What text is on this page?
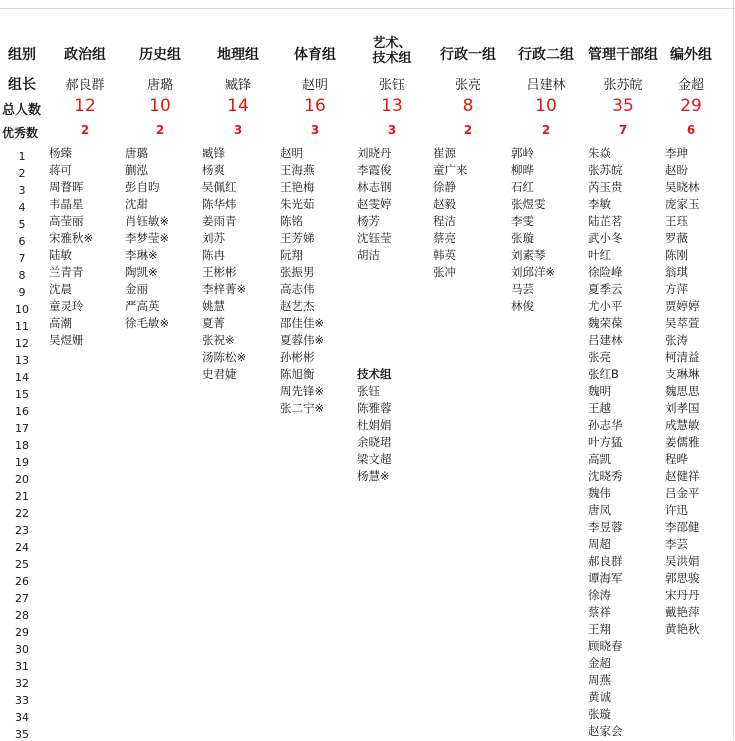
组别
组长
总人数
优秀数
1
2
3
4
5
6
7
8
9
10
11
12
13
14
15
16
17
18
19
20
21
22
23
24
25
26
27
28
29
30
31
32
33
34
35
政治组
郝良群
12
2
杨臻
蒋可
周瞀晖
韦晶星
高莹丽
宋雅秋※
陆敏
兰青青
沈晨
童灵玲
高潮
吴煜姗
历史组
唐璐
10
2
唐璐
蒯泓
彭自昀
沈甜
肖钰敏※
李梦莹※
李琳※
陶凯※
金丽
严高英
徐毛敏※
地理组
臧锋
14
3
臧锋
杨爽
吴佩红
陈华炜
姜雨青
刘苏
陈冉
王彬彬
李梓菁※
姚慧
夏菁
张祝※
汤陈松※
史君婕
体育组
赵明
16
3
赵明
王海燕
王艳梅
朱光茹
陈铭
王芳娣
阮翔
张振男
高志伟
赵艺杰
邵佳佳※
夏蓉伟※
孙彬彬
陈旭衡
周先锋※
张二宁※
艺术、技术组
张钰
13
3
刘晓丹
李霞俊
林志钢
赵雯婷
杨芳
沈钰莹
胡洁
技术组
张钰
陈雅蓉
杜娟娟
余晓珺
梁文超
杨慧※
行政一组
张亮
8
2
崔源
童广来
徐静
赵毅
程洁
蔡亮
韩英
张冲
行政二组
吕建林
10
2
郭岭
柳晔
石红
张煜雯
李雯
张璇
刘素琴
刘邱洋※
马芸
林俊
管理干部组
张苏皖
35
7
朱焱
张苏皖
芮玉贵
李敏
陆芷茗
武小冬
叶红
徐险峰
夏季云
尤小平
魏荣葆
吕建林
张亮
张红B
魏明
王越
孙志华
叶方猛
高凯
沈晓秀
魏伟
唐凤
李昱蓉
周超
郝良群
谭海军
徐涛
蔡祥
王翔
顾晓春
金超
周燕
黄诚
张璇
赵家会
编外组
金超
29
6
李珅
赵盼
吴晓林
庞家玉
王珏
罗薇
陈刚
翁琪
方萍
贾婷婷
吴萃萱
张涛
柯清益
支琳琳
魏思思
刘孝国
成慧敏
姜儒雅
程晔
赵健祥
吕金平
许迅
李邵健
李芸
吴洪娟
郭思骏
宋丹丹
戴艳萍
黄艳秋
